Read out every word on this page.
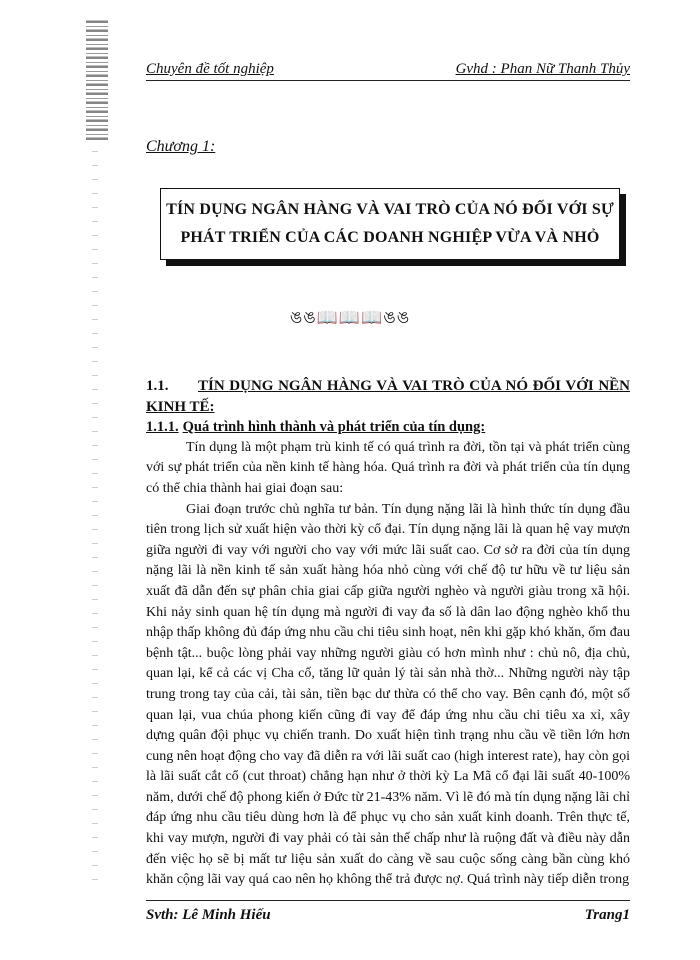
Chuyên đề tốt nghiệp	Gvhd : Phan Nữ Thanh Thủy
Chương 1:
TÍN DỤNG NGÂN HÀNG VÀ VAI TRÒ CỦA NÓ ĐỐI VỚI SỰ
PHÁT TRIỂN CỦA CÁC DOANH NGHIỆP VỪA VÀ NHỎ
ঙঙ📖📖📖ঙঙ
1.1. TÍN DỤNG NGÂN HÀNG VÀ VAI TRÒ CỦA NÓ ĐỐI VỚI NỀN KINH TẾ:
1.1.1. Quá trình hình thành và phát triển của tín dụng:

Tín dụng là một phạm trù kinh tế có quá trình ra đời, tồn tại và phát triển cùng với sự phát triển của nền kinh tế hàng hóa. Quá trình ra đời và phát triển của tín dụng có thể chia thành hai giai đoạn sau:

Giai đoạn trước chủ nghĩa tư bản. Tín dụng nặng lãi là hình thức tín dụng đầu tiên trong lịch sử xuất hiện vào thời kỳ cổ đại. Tín dụng nặng lãi là quan hệ vay mượn giữa người đi vay với người cho vay với mức lãi suất cao. Cơ sở ra đời của tín dụng nặng lãi là nền kinh tế sản xuất hàng hóa nhỏ cùng với chế độ tư hữu về tư liệu sản xuất đã dẫn đến sự phân chia giai cấp giữa người nghèo và người giàu trong xã hội. Khi nảy sinh quan hệ tín dụng mà người đi vay đa số là dân lao động nghèo khổ thu nhập thấp không đủ đáp ứng nhu cầu chi tiêu sinh hoạt, nên khi gặp khó khăn, ốm đau bệnh tật... buộc lòng phải vay những người giàu có hơn mình như : chủ nô, địa chủ, quan lại, kể cả các vị Cha cố, tăng lữ quản lý tài sản nhà thờ... Những người này tập trung trong tay của cải, tài sản, tiền bạc dư thừa có thể cho vay. Bên cạnh đó, một số quan lại, vua chúa phong kiến cũng đi vay để đáp ứng nhu cầu chi tiêu xa xỉ, xây dựng quân đội phục vụ chiến tranh. Do xuất hiện tình trạng nhu cầu về tiền lớn hơn cung nên hoạt động cho vay đã diễn ra với lãi suất cao (high interest rate), hay còn gọi là lãi suất cắt cổ (cut throat) chẳng hạn như ở thời kỳ La Mã cổ đại lãi suất 40-100% năm, dưới chế độ phong kiến ở Đức từ 21-43% năm. Vì lẽ đó mà tín dụng nặng lãi chỉ đáp ứng nhu cầu tiêu dùng hơn là để phục vụ cho sản xuất kinh doanh. Trên thực tế, khi vay mượn, người đi vay phải có tài sản thế chấp như là ruộng đất và điều này dẫn đến việc họ sẽ bị mất tư liệu sản xuất do càng về sau cuộc sống càng bần cùng khó khăn cộng lãi vay quá cao nên họ không thể trả được nợ. Quá trình này tiếp diễn trong

Svth: Lê Minh Hiếu	Trang1
